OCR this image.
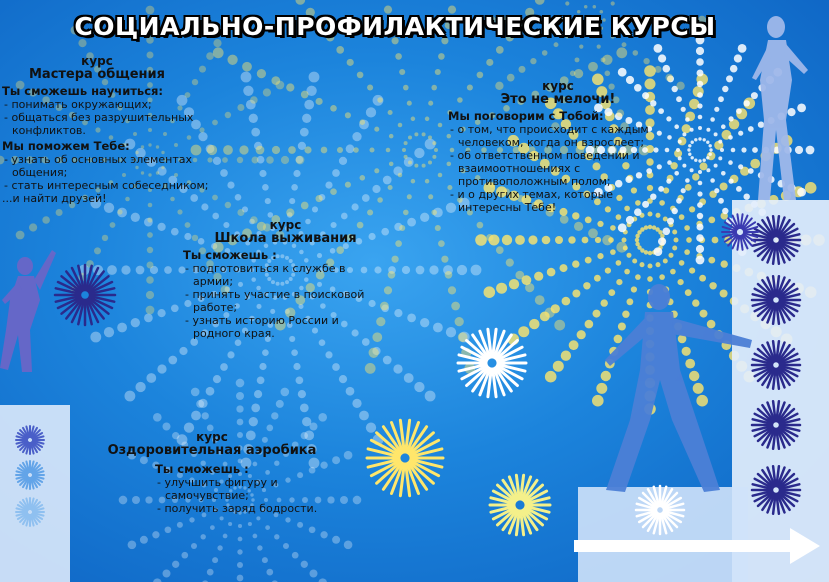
СОЦИАЛЬНО-ПРОФИЛАКТИЧЕСКИЕ КУРСЫ
курс
Мастера общения
Ты сможешь научиться:
- понимать окружающих;
- общаться без разрушительных конфликтов.
Мы поможем Тебе:
- узнать об основных элементах общения;
- стать интересным собеседником;
...и найти друзей!
курс
Школа выживания
Ты сможешь :
- подготовиться к службе в армии;
- принять участие в поисковой работе;
- узнать историю России и родного края.
курс
Оздоровительная аэробика
Ты сможешь :
- улучшить фигуру и самочувствие;
- получить заряд бодрости.
курс
Это не мелочи!
Мы поговорим с Тобой:
- о том, что происходит с каждым человеком, когда он взрослеет;
- об ответственном поведении и взаимоотношениях с противоположным полом;
- и о других темах, которые интересны Тебе!
